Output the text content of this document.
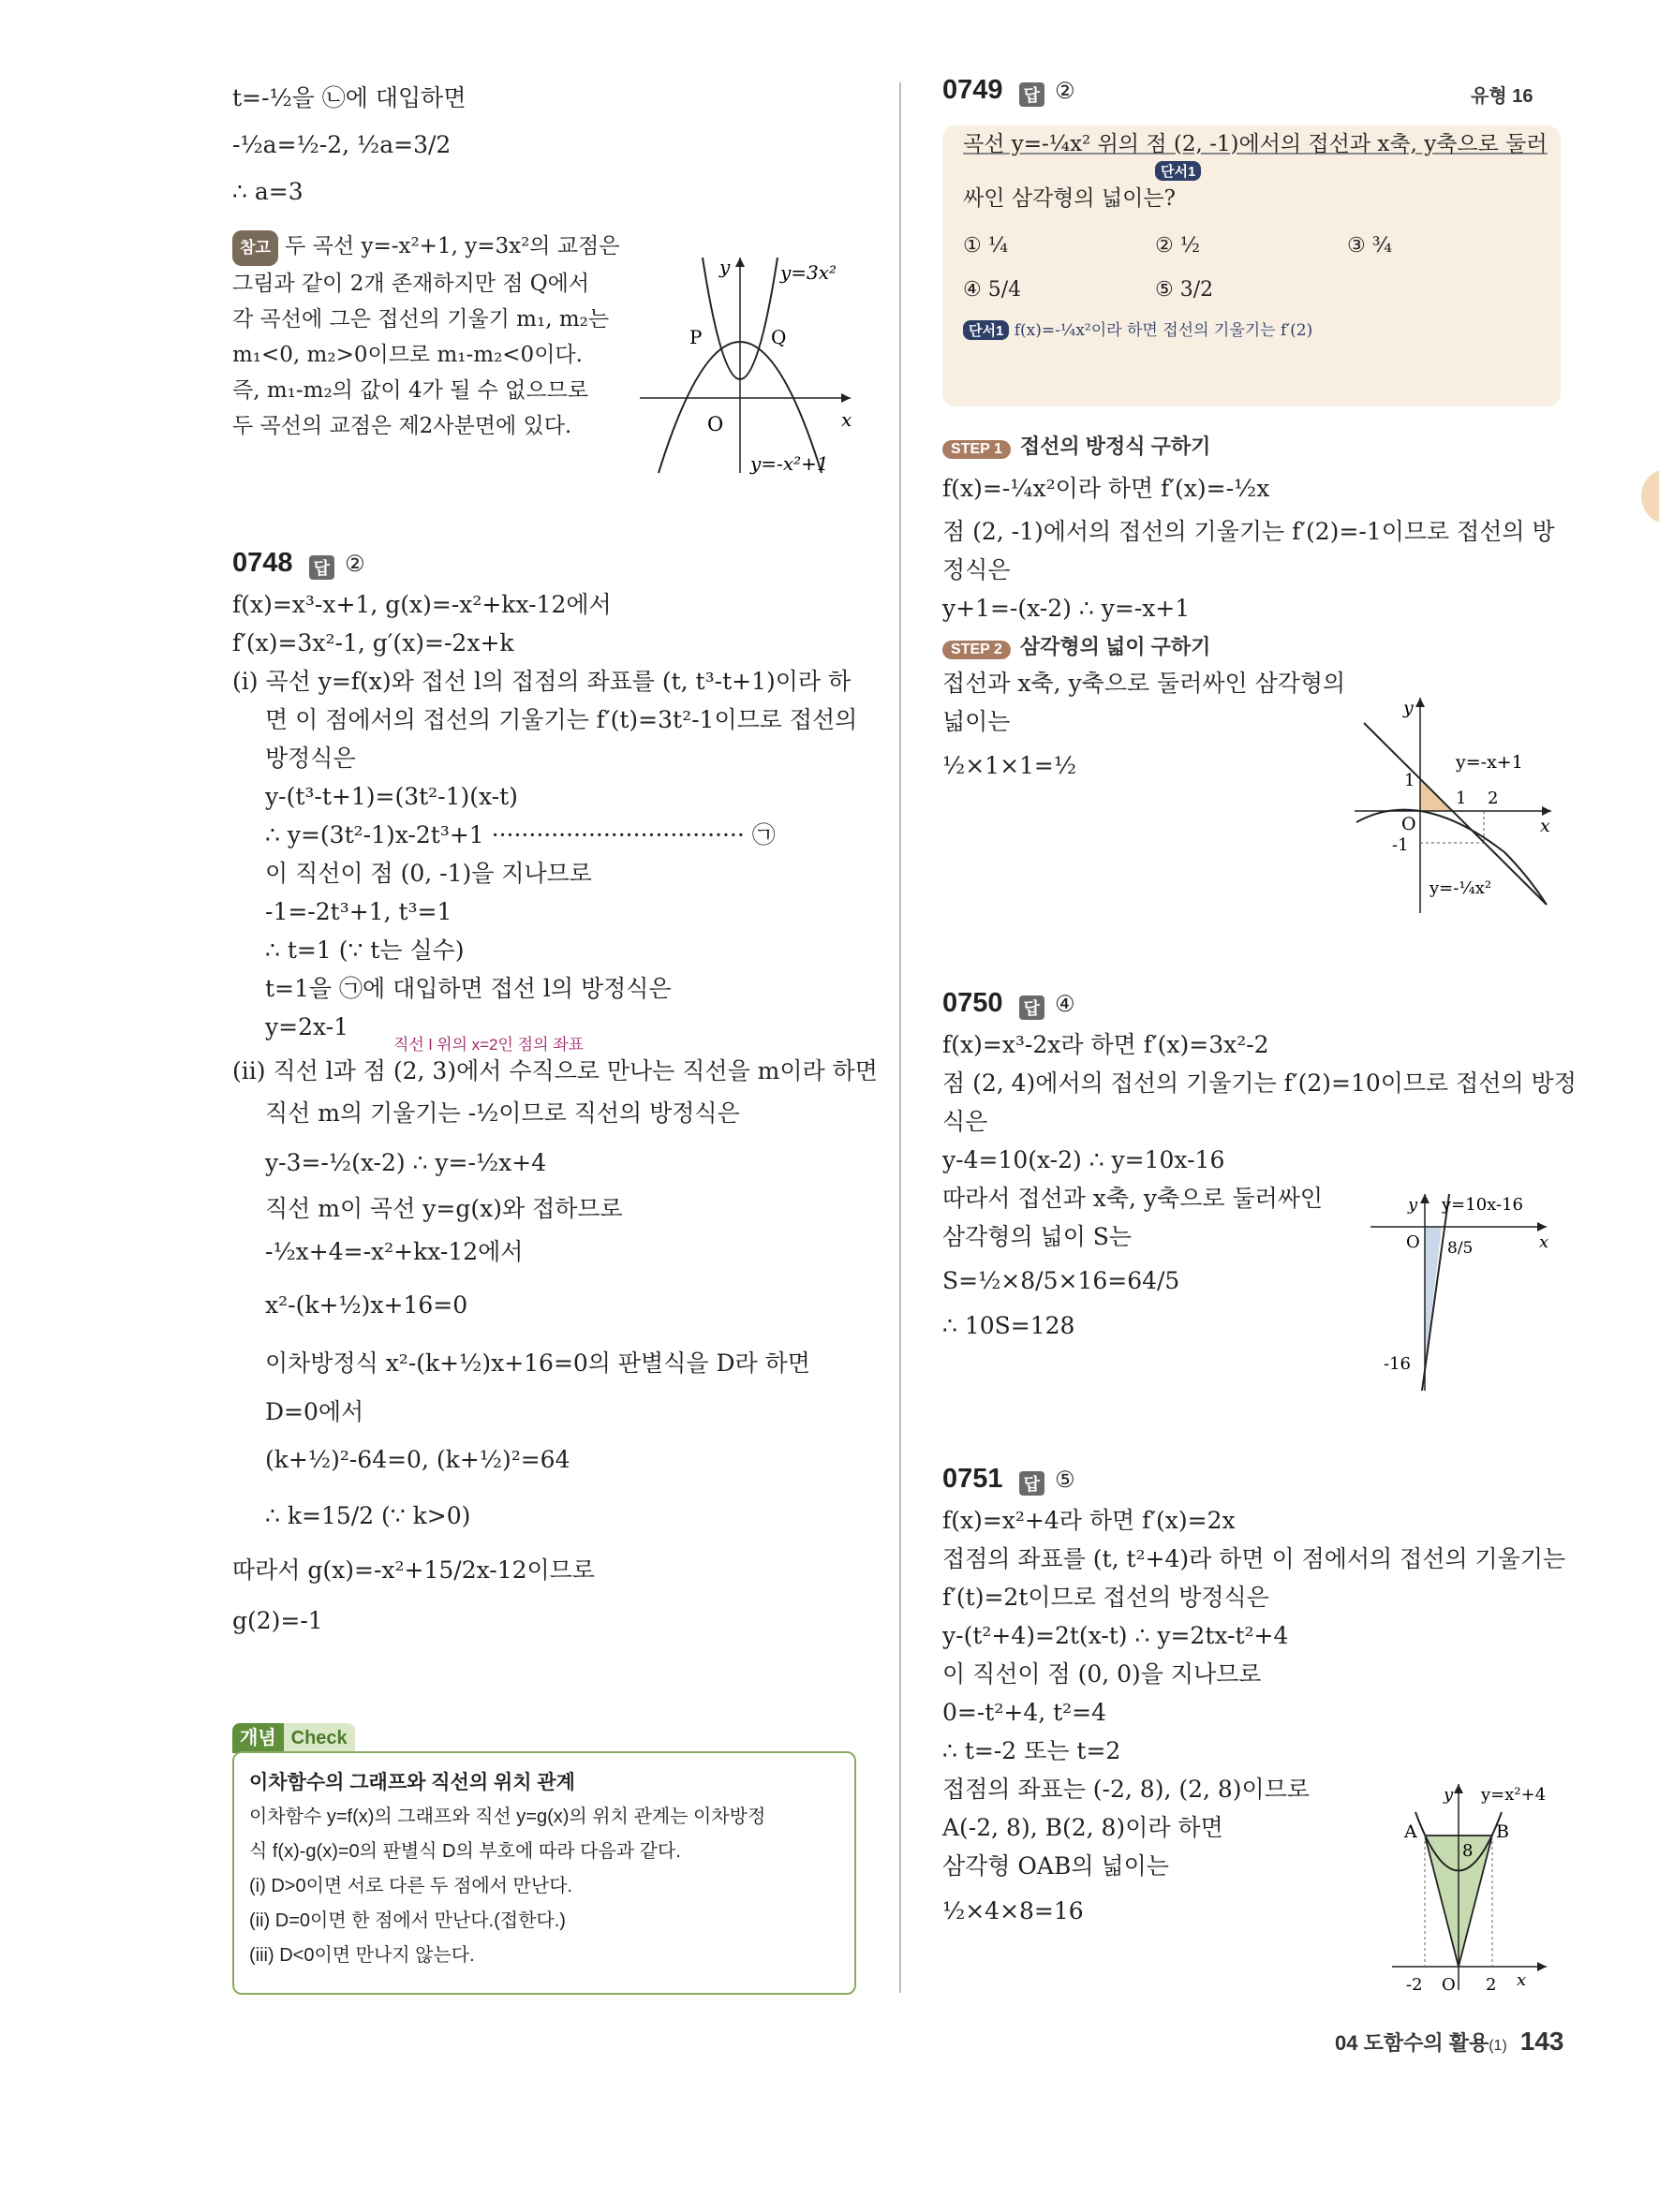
유형 16
t=-½을 ㉡에 대입하면
-½a=½-2, ½a=3/2
∴ a=3
참고 두 곡선 y=-x²+1, y=3x²의 교점은
그림과 같이 2개 존재하지만 점 Q에서
각 곡선에 그은 접선의 기울기 m₁, m₂는
m₁<0, m₂>0이므로 m₁-m₂<0이다.
즉, m₁-m₂의 값이 4가 될 수 없으므로
두 곡선의 교점은 제2사분면에 있다.
y	y=3x²
O	x
P	Q
y=-x²+1
0748 답 ②
f(x)=x³-x+1, g(x)=-x²+kx-12에서
f′(x)=3x²-1, g′(x)=-2x+k
(i) 곡선 y=f(x)와 접선 l의 접점의 좌표를 (t, t³-t+1)이라 하
면 이 점에서의 접선의 기울기는 f′(t)=3t²-1이므로 접선의
방정식은
y-(t³-t+1)=(3t²-1)(x-t)
∴ y=(3t²-1)x-2t³+1 ·································· ㉠
이 직선이 점 (0, -1)을 지나므로
-1=-2t³+1, t³=1
∴ t=1 (∵ t는 실수)
t=1을 ㉠에 대입하면 접선 l의 방정식은
y=2x-1
(ii) 직선 l과 점 (2, 3)에서 수직으로 만나는 직선을 m이라 하면
직선 l 위의 x=2인 점의 좌표
직선 m의 기울기는 -½이므로 직선의 방정식은
y-3=-½(x-2) ∴ y=-½x+4
직선 m이 곡선 y=g(x)와 접하므로
-½x+4=-x²+kx-12에서
x²-(k+½)x+16=0
이차방정식 x²-(k+½)x+16=0의 판별식을 D라 하면
D=0에서
(k+½)²-64=0, (k+½)²=64
∴ k=15/2 (∵ k>0)
따라서 g(x)=-x²+15/2x-12이므로
g(2)=-1
개념 Check
이차함수의 그래프와 직선의 위치 관계
이차함수 y=f(x)의 그래프와 직선 y=g(x)의 위치 관계는 이차방정
식 f(x)-g(x)=0의 판별식 D의 부호에 따라 다음과 같다.
(i) D>0이면 서로 다른 두 점에서 만난다.
(ii) D=0이면 한 점에서 만난다.(접한다.)
(iii) D<0이면 만나지 않는다.
0749 답 ②
곡선 y=-¼x² 위의 점 (2, -1)에서의 접선과 x축, y축으로 둘러
단서1
싸인 삼각형의 넓이는?
① ¼	② ½	③ ¾
④ 5/4	⑤ 3/2
단서1 f(x)=-¼x²이라 하면 접선의 기울기는 f′(2)
STEP 1 접선의 방정식 구하기
f(x)=-¼x²이라 하면 f′(x)=-½x
점 (2, -1)에서의 접선의 기울기는 f′(2)=-1이므로 접선의 방
정식은
y+1=-(x-2) ∴ y=-x+1
STEP 2 삼각형의 넓이 구하기
접선과 x축, y축으로 둘러싸인 삼각형의
넓이는
½×1×1=½
y
y=-x+1
1
1 2
O	x
-1
y=-¼x²
0750 답 ④
f(x)=x³-2x라 하면 f′(x)=3x²-2
점 (2, 4)에서의 접선의 기울기는 f′(2)=10이므로 접선의 방정
식은
y-4=10(x-2) ∴ y=10x-16
따라서 접선과 x축, y축으로 둘러싸인
삼각형의 넓이 S는
S=½×8/5×16=64/5
∴ 10S=128
y y=10x-16
O	x
8/5
-16
0751 답 ⑤
f(x)=x²+4라 하면 f′(x)=2x
접점의 좌표를 (t, t²+4)라 하면 이 점에서의 접선의 기울기는
f′(t)=2t이므로 접선의 방정식은
y-(t²+4)=2t(x-t) ∴ y=2tx-t²+4
이 직선이 점 (0, 0)을 지나므로
0=-t²+4, t²=4
∴ t=-2 또는 t=2
접점의 좌표는 (-2, 8), (2, 8)이므로
A(-2, 8), B(2, 8)이라 하면
삼각형 OAB의 넓이는
½×4×8=16
y y=x²+4
A	B
8
-2 O 2 x
04 도함수의 활용(1) 143
